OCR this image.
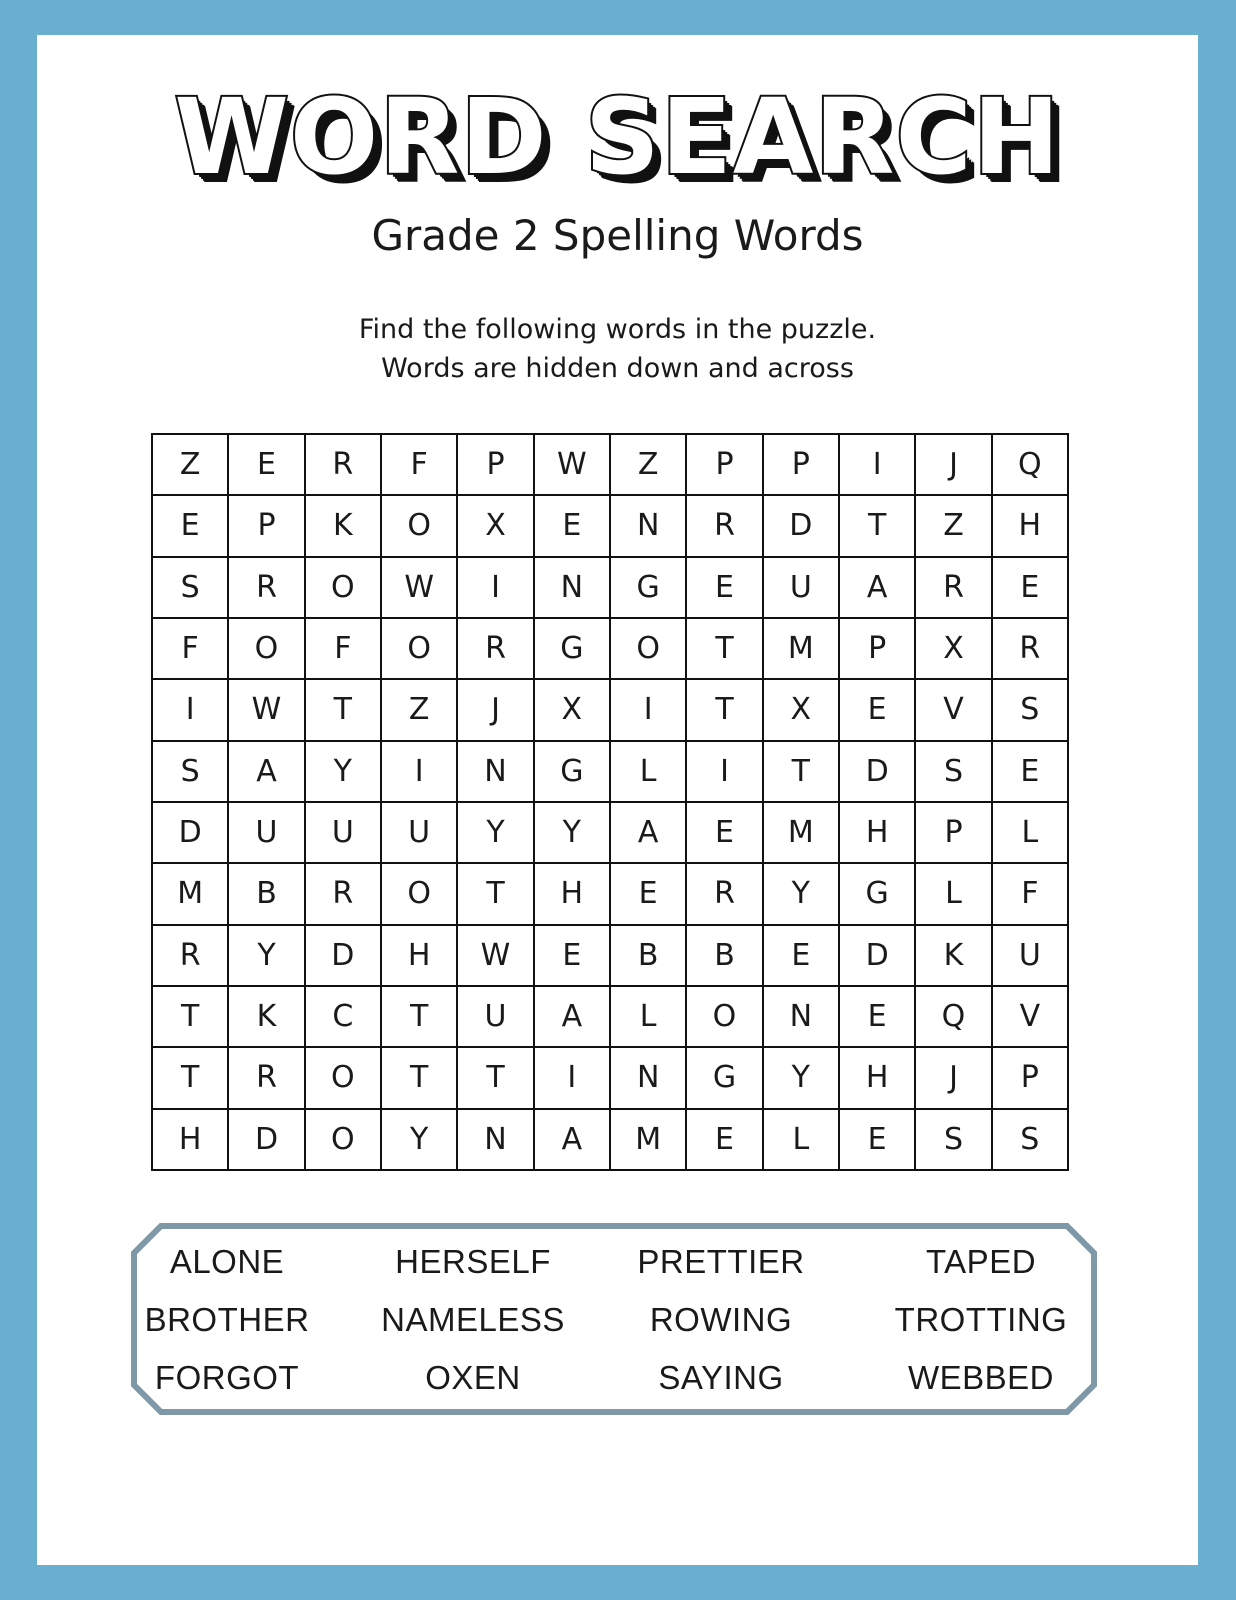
WORD SEARCH
Grade 2 Spelling Words
Find the following words in the puzzle.
Words are hidden down and across
Z	E	R	F	P	W	Z	P	P	I	J	Q
E	P	K	O	X	E	N	R	D	T	Z	H
S	R	O	W	I	N	G	E	U	A	R	E
F	O	F	O	R	G	O	T	M	P	X	R
I	W	T	Z	J	X	I	T	X	E	V	S
S	A	Y	I	N	G	L	I	T	D	S	E
D	U	U	U	Y	Y	A	E	M	H	P	L
M	B	R	O	T	H	E	R	Y	G	L	F
R	Y	D	H	W	E	B	B	E	D	K	U
T	K	C	T	U	A	L	O	N	E	Q	V
T	R	O	T	T	I	N	G	Y	H	J	P
H	D	O	Y	N	A	M	E	L	E	S	S
ALONE
BROTHER
FORGOT
HERSELF
NAMELESS
OXEN
PRETTIER
ROWING
SAYING
TAPED
TROTTING
WEBBED
